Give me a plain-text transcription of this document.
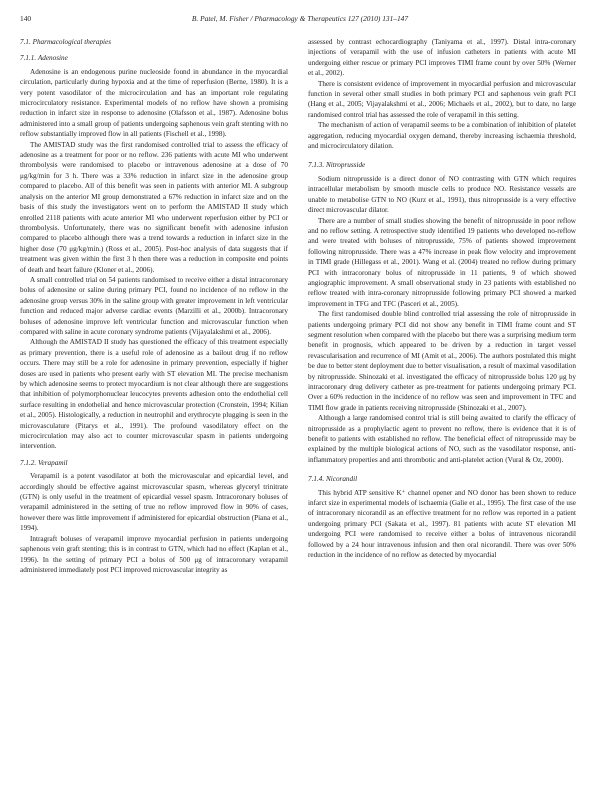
140	B. Patel, M. Fisher / Pharmacology & Therapeutics 127 (2010) 131–147
7.1. Pharmacological therapies
7.1.1. Adenosine

Adenosine is an endogenous purine nucleoside found in abundance in the myocardial circulation, particularly during hypoxia and at the time of reperfusion (Berne, 1980). It is a very potent vasodilator of the microcirculation and has an important role regulating microcirculatory resistance. Experimental models of no reflow have shown a promising reduction in infarct size in response to adenosine (Olafsson et al., 1987). Adenosine bolus administered into a small group of patients undergoing saphenous vein graft stenting with no reflow substantially improved flow in all patients (Fischell et al., 1998).

The AMISTAD study was the first randomised controlled trial to assess the efficacy of adenosine as a treatment for poor or no reflow. 236 patients with acute MI who underwent thrombolysis were randomised to placebo or intravenous adenosine at a dose of 70 μg/kg/min for 3 h. There was a 33% reduction in infarct size in the adenosine group compared to placebo. All of this benefit was seen in patients with anterior MI. A subgroup analysis on the anterior MI group demonstrated a 67% reduction in infarct size and on the basis of this study the investigators went on to perform the AMISTAD II study which enrolled 2118 patients with acute anterior MI who underwent reperfusion either by PCI or thrombolysis. Unfortunately, there was no significant benefit with adenosine infusion compared to placebo although there was a trend towards a reduction in infarct size in the higher dose (70 μg/kg/min.) (Ross et al., 2005). Post-hoc analysis of data suggests that if treatment was given within the first 3 h then there was a reduction in composite end points of death and heart failure (Kloner et al., 2006).

A small controlled trial on 54 patients randomised to receive either a distal intracoronary bolus of adenosine or saline during primary PCI, found no incidence of no reflow in the adenosine group versus 30% in the saline group with greater improvement in left ventricular function and reduced major adverse cardiac events (Marzilli et al., 2000b). Intracoronary boluses of adenosine improve left ventricular function and microvascular function when compared with saline in acute coronary syndrome patients (Vijayalakshmi et al., 2006).

Although the AMISTAD II study has questioned the efficacy of this treatment especially as primary prevention, there is a useful role of adenosine as a bailout drug if no reflow occurs. There may still be a role for adenosine in primary prevention, especially if higher doses are used in patients who present early with ST elevation MI. The precise mechanism by which adenosine seems to protect myocardium is not clear although there are suggestions that inhibition of polymorphonuclear leucocytes prevents adhesion onto the endothelial cell surface resulting in endothelial and hence microvascular protection (Cronstein, 1994; Kilian et al., 2005). Histologically, a reduction in neutrophil and erythrocyte plugging is seen in the microvasculature (Pitarys et al., 1991). The profound vasodilatory effect on the microcirculation may also act to counter microvascular spasm in patients undergoing intervention.

7.1.2. Verapamil

Verapamil is a potent vasodilator at both the microvascular and epicardial level, and accordingly should be effective against microvascular spasm, whereas glyceryl trinitrate (GTN) is only useful in the treatment of epicardial vessel spasm. Intracoronary boluses of verapamil administered in the setting of true no reflow improved flow in 90% of cases, however there was little improvement if administered for epicardial obstruction (Piana et al., 1994).

Intragraft boluses of verapamil improve myocardial perfusion in patients undergoing saphenous vein graft stenting; this is in contrast to GTN, which had no effect (Kaplan et al., 1996). In the setting of primary PCI a bolus of 500 μg of intracoronary verapamil administered immediately post PCI improved microvascular integrity as

assessed by contrast echocardiography (Taniyama et al., 1997). Distal intra-coronary injections of verapamil with the use of infusion catheters in patients with acute MI undergoing either rescue or primary PCI improves TIMI frame count by over 50% (Werner et al., 2002).

There is consistent evidence of improvement in myocardial perfusion and microvascular function in several other small studies in both primary PCI and saphenous vein graft PCI (Hang et al., 2005; Vijayalakshmi et al., 2006; Michaels et al., 2002), but to date, no large randomised control trial has assessed the role of verapamil in this setting.

The mechanism of action of verapamil seems to be a combination of inhibition of platelet aggregation, reducing myocardial oxygen demand, thereby increasing ischaemia threshold, and microcirculatory dilation.

7.1.3. Nitroprusside

Sodium nitroprusside is a direct donor of NO contrasting with GTN which requires intracellular metabolism by smooth muscle cells to produce NO. Resistance vessels are unable to metabolise GTN to NO (Kurz et al., 1991), thus nitroprusside is a very effective direct microvascular dilator.

There are a number of small studies showing the benefit of nitroprusside in poor reflow and no reflow setting. A retrospective study identified 19 patients who developed no-reflow and were treated with boluses of nitroprusside, 75% of patients showed improvement following nitroprusside. There was a 47% increase in peak flow velocity and improvement in TIMI grade (Hillegass et al., 2001). Wang et al. (2004) treated no reflow during primary PCI with intracoronary bolus of nitroprusside in 11 patients, 9 of which showed angiographic improvement. A small observational study in 23 patients with established no reflow treated with intra-coronary nitroprusside following primary PCI showed a marked improvement in TFG and TFC (Pasceri et al., 2005).

The first randomised double blind controlled trial assessing the role of nitroprusside in patients undergoing primary PCI did not show any benefit in TIMI frame count and ST segment resolution when compared with the placebo but there was a surprising medium term benefit in prognosis, which appeared to be driven by a reduction in target vessel revascularisation and recurrence of MI (Amit et al., 2006). The authors postulated this might be due to better stent deployment due to better visualisation, a result of maximal vasodilation by nitroprusside. Shinozaki et al. investigated the efficacy of nitroprusside bolus 120 μg by intracoronary drug delivery catheter as pre-treatment for patients undergoing primary PCI. Over a 60% reduction in the incidence of no reflow was seen and improvement in TFC and TIMI flow grade in patients receiving nitroprusside (Shinozaki et al., 2007).

Although a large randomised control trial is still being awaited to clarify the efficacy of nitroprusside as a prophylactic agent to prevent no reflow, there is evidence that it is of benefit to patients with established no reflow. The beneficial effect of nitroprusside may be explained by the multiple biological actions of NO, such as the vasodilator response, anti-inflammatory properties and anti thrombotic and anti-platelet action (Vural & Oz, 2000).

7.1.4. Nicorandil

This hybrid ATP sensitive K⁺ channel opener and NO donor has been shown to reduce infarct size in experimental models of ischaemia (Galie et al., 1995). The first case of the use of intracoronary nicorandil as an effective treatment for no reflow was reported in a patient undergoing primary PCI (Sakata et al., 1997). 81 patients with acute ST elevation MI undergoing PCI were randomised to receive either a bolus of intravenous nicorandil followed by a 24 hour intravenous infusion and then oral nicorandil. There was over 50% reduction in the incidence of no reflow as detected by myocardial
